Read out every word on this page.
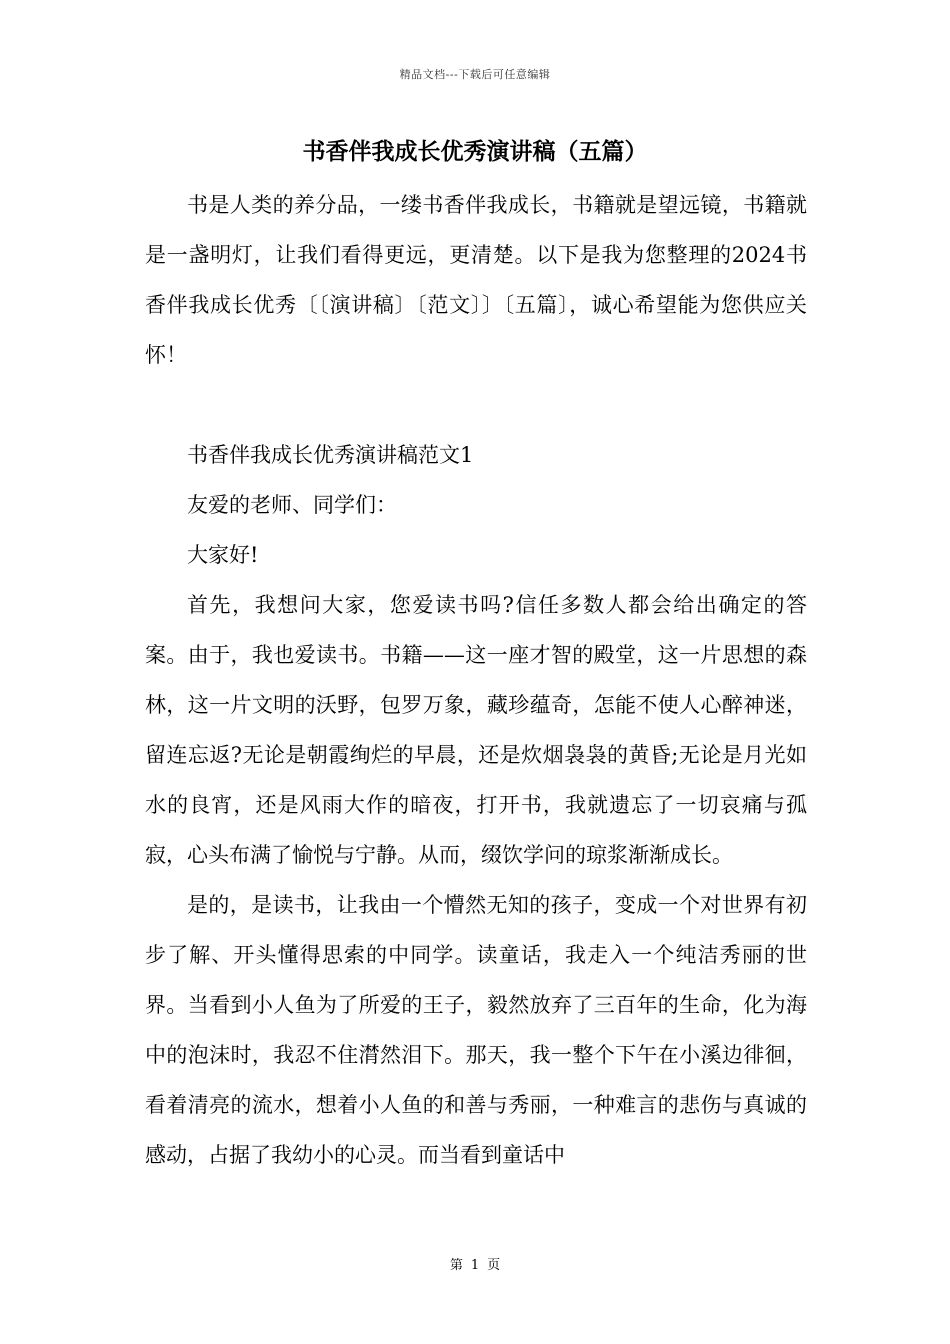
精品文档---下载后可任意编辑
书香伴我成长优秀演讲稿（五篇）

书是人类的养分品，一缕书香伴我成长，书籍就是望远镜，书籍就是一盏明灯，让我们看得更远，更清楚。以下是我为您整理的2024书香伴我成长优秀〔〔演讲稿〕〔范文〕〕〔五篇〕，诚心希望能为您供应关怀！

书香伴我成长优秀演讲稿范文1

友爱的老师、同学们：

大家好!

首先，我想问大家，您爱读书吗?信任多数人都会给出确定的答案。由于，我也爱读书。书籍——这一座才智的殿堂，这一片思想的森林，这一片文明的沃野，包罗万象，藏珍蕴奇，怎能不使人心醉神迷，留连忘返?无论是朝霞绚烂的早晨，还是炊烟袅袅的黄昏;无论是月光如水的良宵，还是风雨大作的暗夜，打开书，我就遗忘了一切哀痛与孤寂，心头布满了愉悦与宁静。从而，缀饮学问的琼浆渐渐成长。

是的，是读书，让我由一个懵然无知的孩子，变成一个对世界有初步了解、开头懂得思索的中同学。读童话，我走入一个纯洁秀丽的世界。当看到小人鱼为了所爱的王子，毅然放弃了三百年的生命，化为海中的泡沫时，我忍不住潸然泪下。那天，我一整个下午在小溪边徘徊，看着清亮的流水，想着小人鱼的和善与秀丽，一种难言的悲伤与真诚的感动，占据了我幼小的心灵。而当看到童话中

第 1 页
